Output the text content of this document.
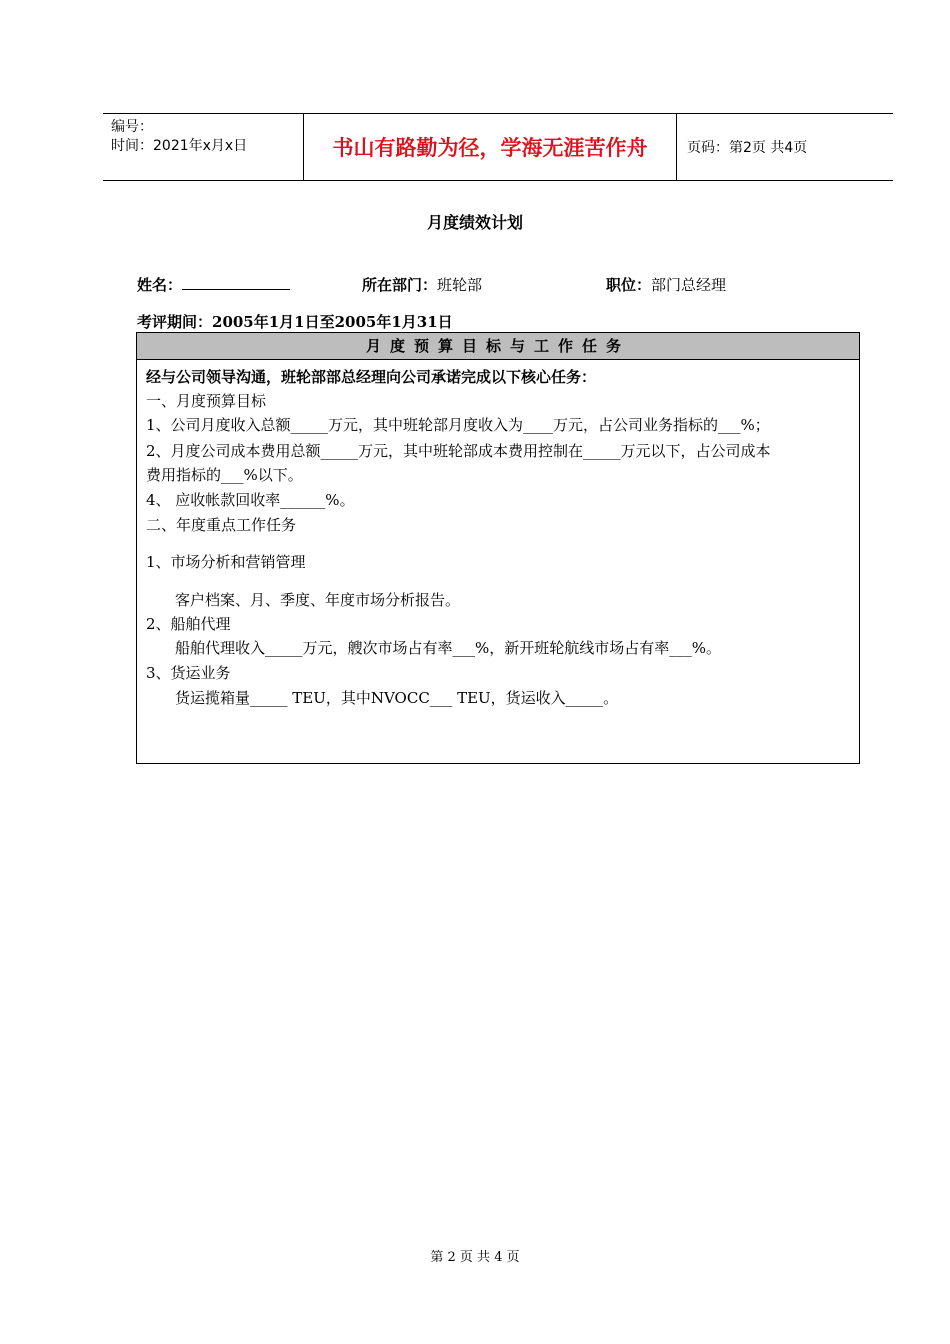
编号：
时间：2021年x月x日	书山有路勤为径，学海无涯苦作舟	页码：第2页 共4页
月度绩效计划
姓名：	所在部门：班轮部	职位：部门总经理
考评期间：2005年1月1日至2005年1月31日
月度预算目标与工作任务
经与公司领导沟通，班轮部部总经理向公司承诺完成以下核心任务：
一、月度预算目标
1、公司月度收入总额_____万元，其中班轮部月度收入为____万元，占公司业务指标的___%；
2、月度公司成本费用总额_____万元，其中班轮部成本费用控制在_____万元以下，占公司成本
费用指标的___%以下。
4、 应收帐款回收率______%。
二、年度重点工作任务
1、市场分析和营销管理
客户档案、月、季度、年度市场分析报告。
2、船舶代理
船舶代理收入_____万元，艘次市场占有率___%，新开班轮航线市场占有率___%。
3、货运业务
货运揽箱量_____ TEU，其中NVOCC___ TEU，货运收入_____。
第 2 页 共 4 页
